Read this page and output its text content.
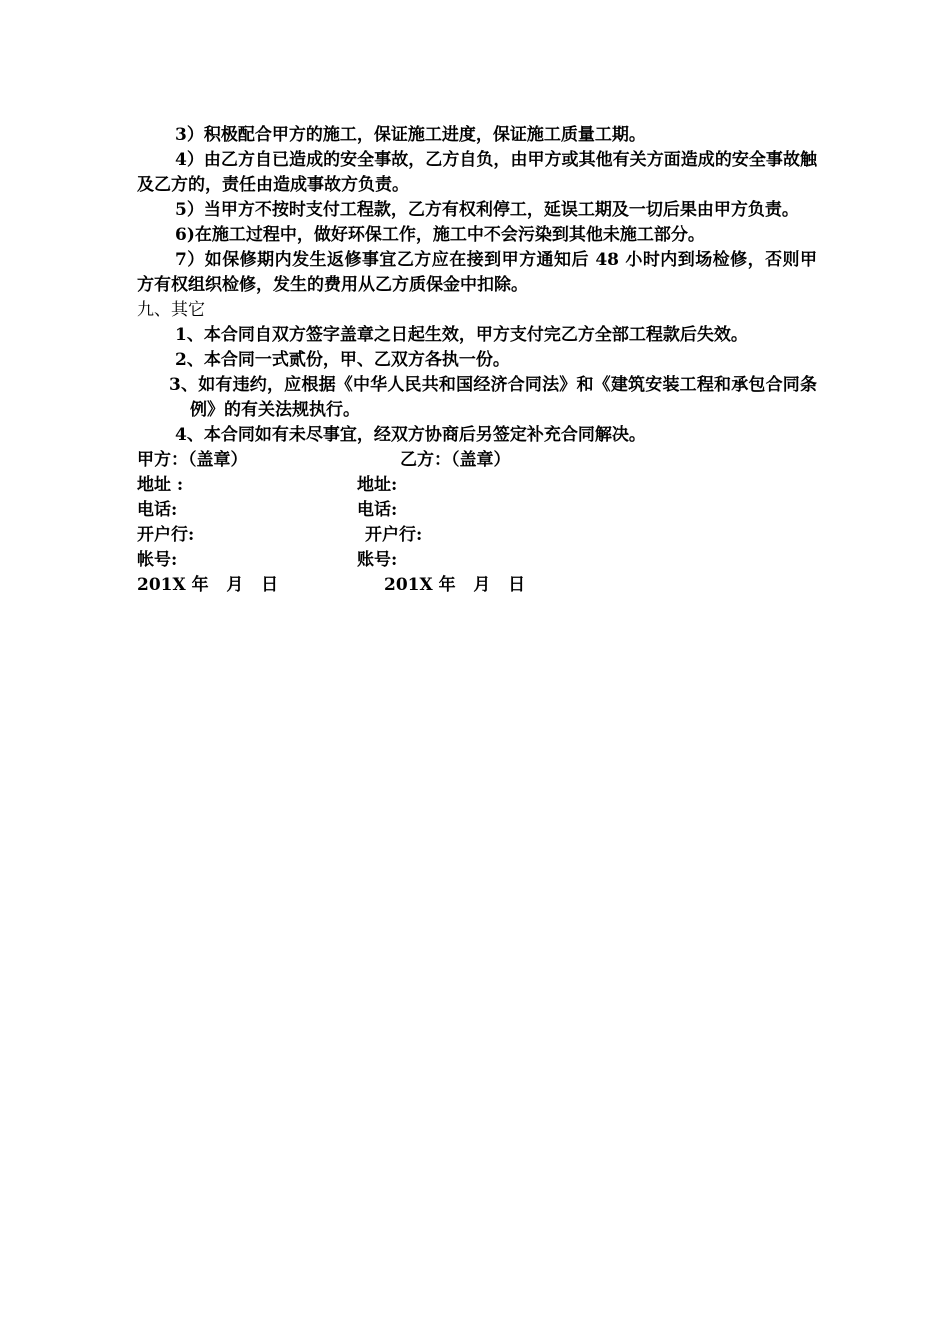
3）积极配合甲方的施工，保证施工进度，保证施工质量工期。

4）由乙方自已造成的安全事故，乙方自负，由甲方或其他有关方面造成的安全事故触及乙方的，责任由造成事故方负责。

5）当甲方不按时支付工程款，乙方有权利停工，延误工期及一切后果由甲方负责。

6)在施工过程中，做好环保工作，施工中不会污染到其他未施工部分。

7）如保修期内发生返修事宜乙方应在接到甲方通知后 48 小时内到场检修，否则甲方有权组织检修，发生的费用从乙方质保金中扣除。

九、其它

1、本合同自双方签字盖章之日起生效，甲方支付完乙方全部工程款后失效。

2、本合同一式贰份，甲、乙双方各执一份。

3、如有违约，应根据《中华人民共和国经济合同法》和《建筑安装工程和承包合同条例》的有关法规执行。

4、本合同如有未尽事宜，经双方协商后另签定补充合同解决。

甲方：（盖章）	乙方：（盖章）
地址 :	地址:
电话:	电话:
开户行:	开户行:
帐号:	账号:
201X 年   月   日	201X 年   月   日
